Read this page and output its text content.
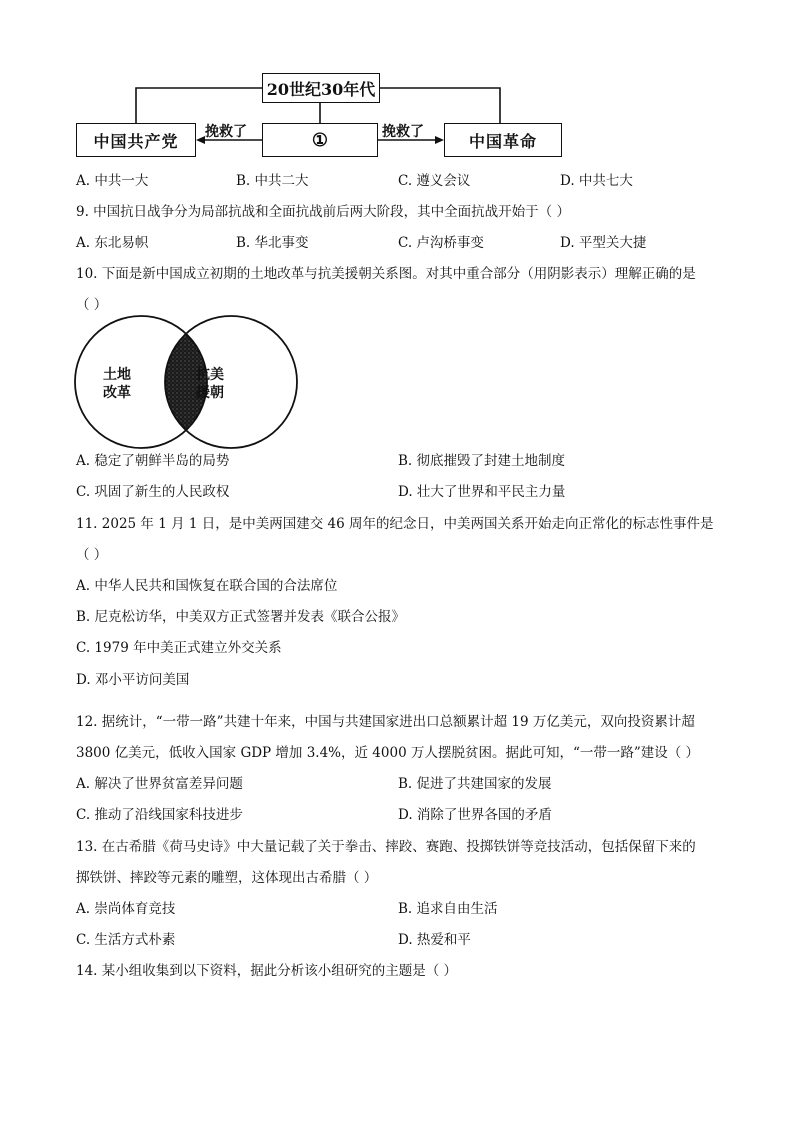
20世纪30年代
中国共产党	①	中国革命
挽救了	挽救了
A. 中共一大	B. 中共二大	C. 遵义会议	D. 中共七大
9. 中国抗日战争分为局部抗战和全面抗战前后两大阶段，其中全面抗战开始于（ ）
A. 东北易帜	B. 华北事变	C. 卢沟桥事变	D. 平型关大捷
10. 下面是新中国成立初期的土地改革与抗美援朝关系图。对其中重合部分（用阴影表示）理解正确的是
（ ）
土地
改革
抗美
援朝
A. 稳定了朝鲜半岛的局势	B. 彻底摧毁了封建土地制度
C. 巩固了新生的人民政权	D. 壮大了世界和平民主力量
11. 2025 年 1 月 1 日，是中美两国建交 46 周年的纪念日，中美两国关系开始走向正常化的标志性事件是
（ ）
A. 中华人民共和国恢复在联合国的合法席位
B. 尼克松访华，中美双方正式签署并发表《联合公报》
C. 1979 年中美正式建立外交关系
D. 邓小平访问美国
12. 据统计，“一带一路”共建十年来，中国与共建国家进出口总额累计超 19 万亿美元，双向投资累计超
3800 亿美元，低收入国家 GDP 增加 3.4%，近 4000 万人摆脱贫困。据此可知，“一带一路”建设（ ）
A. 解决了世界贫富差异问题	B. 促进了共建国家的发展
C. 推动了沿线国家科技进步	D. 消除了世界各国的矛盾
13. 在古希腊《荷马史诗》中大量记载了关于拳击、摔跤、赛跑、投掷铁饼等竞技活动，包括保留下来的
掷铁饼、摔跤等元素的雕塑，这体现出古希腊（ ）
A. 崇尚体育竞技	B. 追求自由生活
C. 生活方式朴素	D. 热爱和平
14. 某小组收集到以下资料，据此分析该小组研究的主题是（ ）
